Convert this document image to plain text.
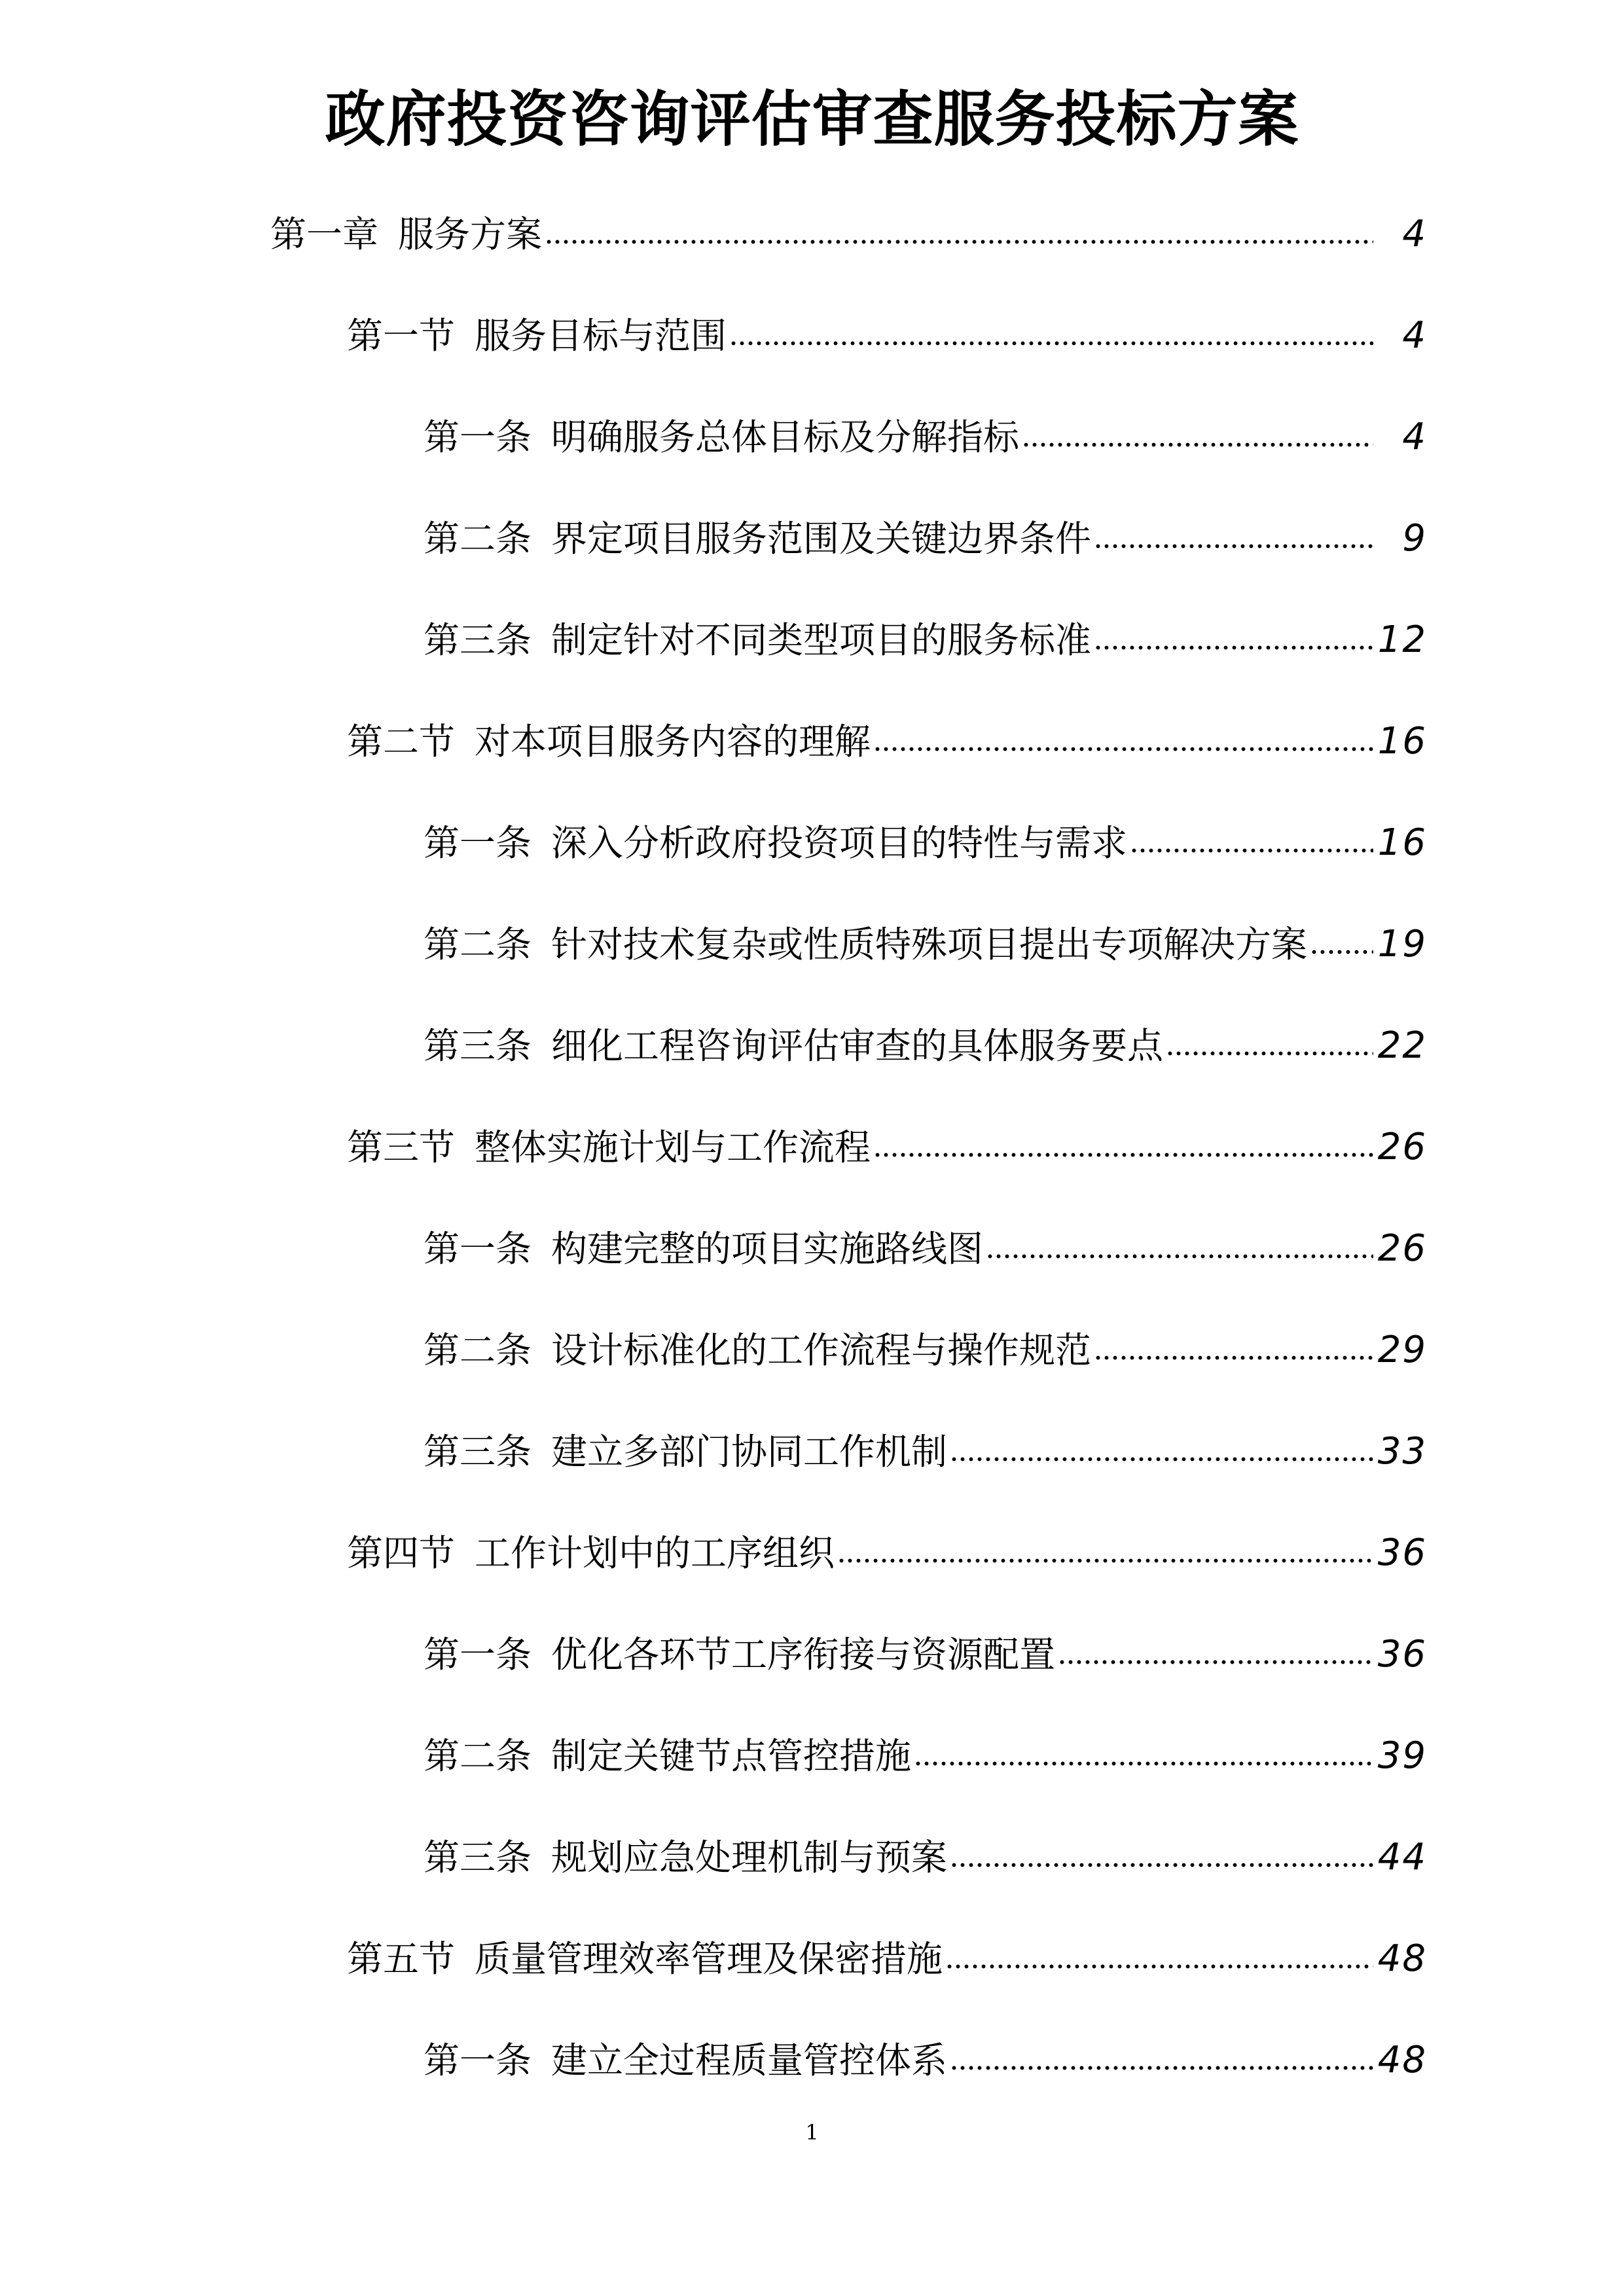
政府投资咨询评估审查服务投标方案
第一章 服务方案	4
第一节 服务目标与范围	4
第一条 明确服务总体目标及分解指标	4
第二条 界定项目服务范围及关键边界条件	9
第三条 制定针对不同类型项目的服务标准	12
第二节 对本项目服务内容的理解	16
第一条 深入分析政府投资项目的特性与需求	16
第二条 针对技术复杂或性质特殊项目提出专项解决方案 19
第三条 细化工程咨询评估审查的具体服务要点	22
第三节 整体实施计划与工作流程	26
第一条 构建完整的项目实施路线图	26
第二条 设计标准化的工作流程与操作规范	29
第三条 建立多部门协同工作机制	33
第四节 工作计划中的工序组织	36
第一条 优化各环节工序衔接与资源配置	36
第二条 制定关键节点管控措施	39
第三条 规划应急处理机制与预案	44
第五节 质量管理效率管理及保密措施	48
第一条 建立全过程质量管控体系	48
1
